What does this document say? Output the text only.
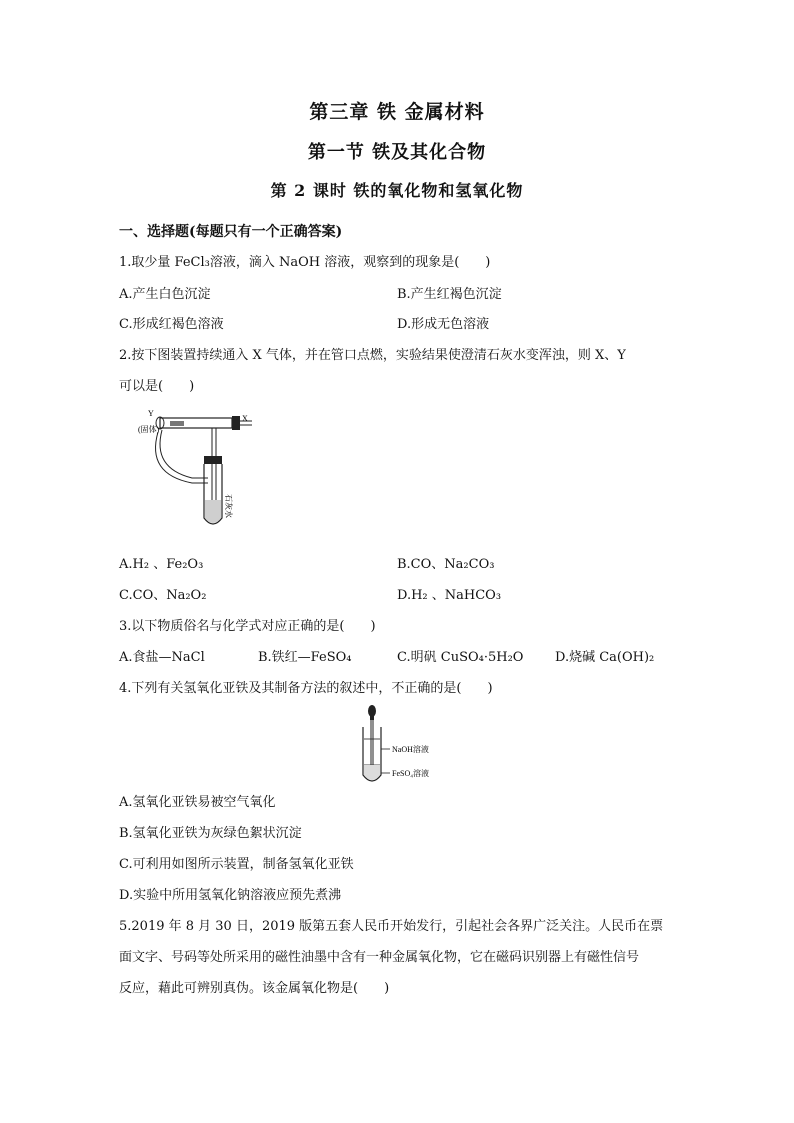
第三章 铁 金属材料
第一节 铁及其化合物
第 2 课时 铁的氧化物和氢氧化物
一、选择题(每题只有一个正确答案)
1.取少量 FeCl₃溶液，滴入 NaOH 溶液，观察到的现象是(　　)
A.产生白色沉淀	B.产生红褐色沉淀
C.形成红褐色溶液	D.形成无色溶液
2.按下图装置持续通入 X 气体，并在管口点燃，实验结果使澄清石灰水变浑浊，则 X、Y
可以是(　　)
Y
(固体)
X
石灰水
A.H₂ 、Fe₂O₃	B.CO、Na₂CO₃
C.CO、Na₂O₂	D.H₂ 、NaHCO₃
3.以下物质俗名与化学式对应正确的是(　　)
A.食盐—NaCl	B.铁红—FeSO₄	C.明矾 CuSO₄·5H₂O D.烧碱 Ca(OH)₂
4.下列有关氢氧化亚铁及其制备方法的叙述中，不正确的是(　　)
NaOH溶液
FeSO₄溶液
A.氢氧化亚铁易被空气氧化
B.氢氧化亚铁为灰绿色絮状沉淀
C.可利用如图所示装置，制备氢氧化亚铁
D.实验中所用氢氧化钠溶液应预先煮沸
5.2019 年 8 月 30 日，2019 版第五套人民币开始发行，引起社会各界广泛关注。人民币在票
面文字、号码等处所采用的磁性油墨中含有一种金属氧化物，它在磁码识别器上有磁性信号
反应，藉此可辨别真伪。该金属氧化物是(　　)
